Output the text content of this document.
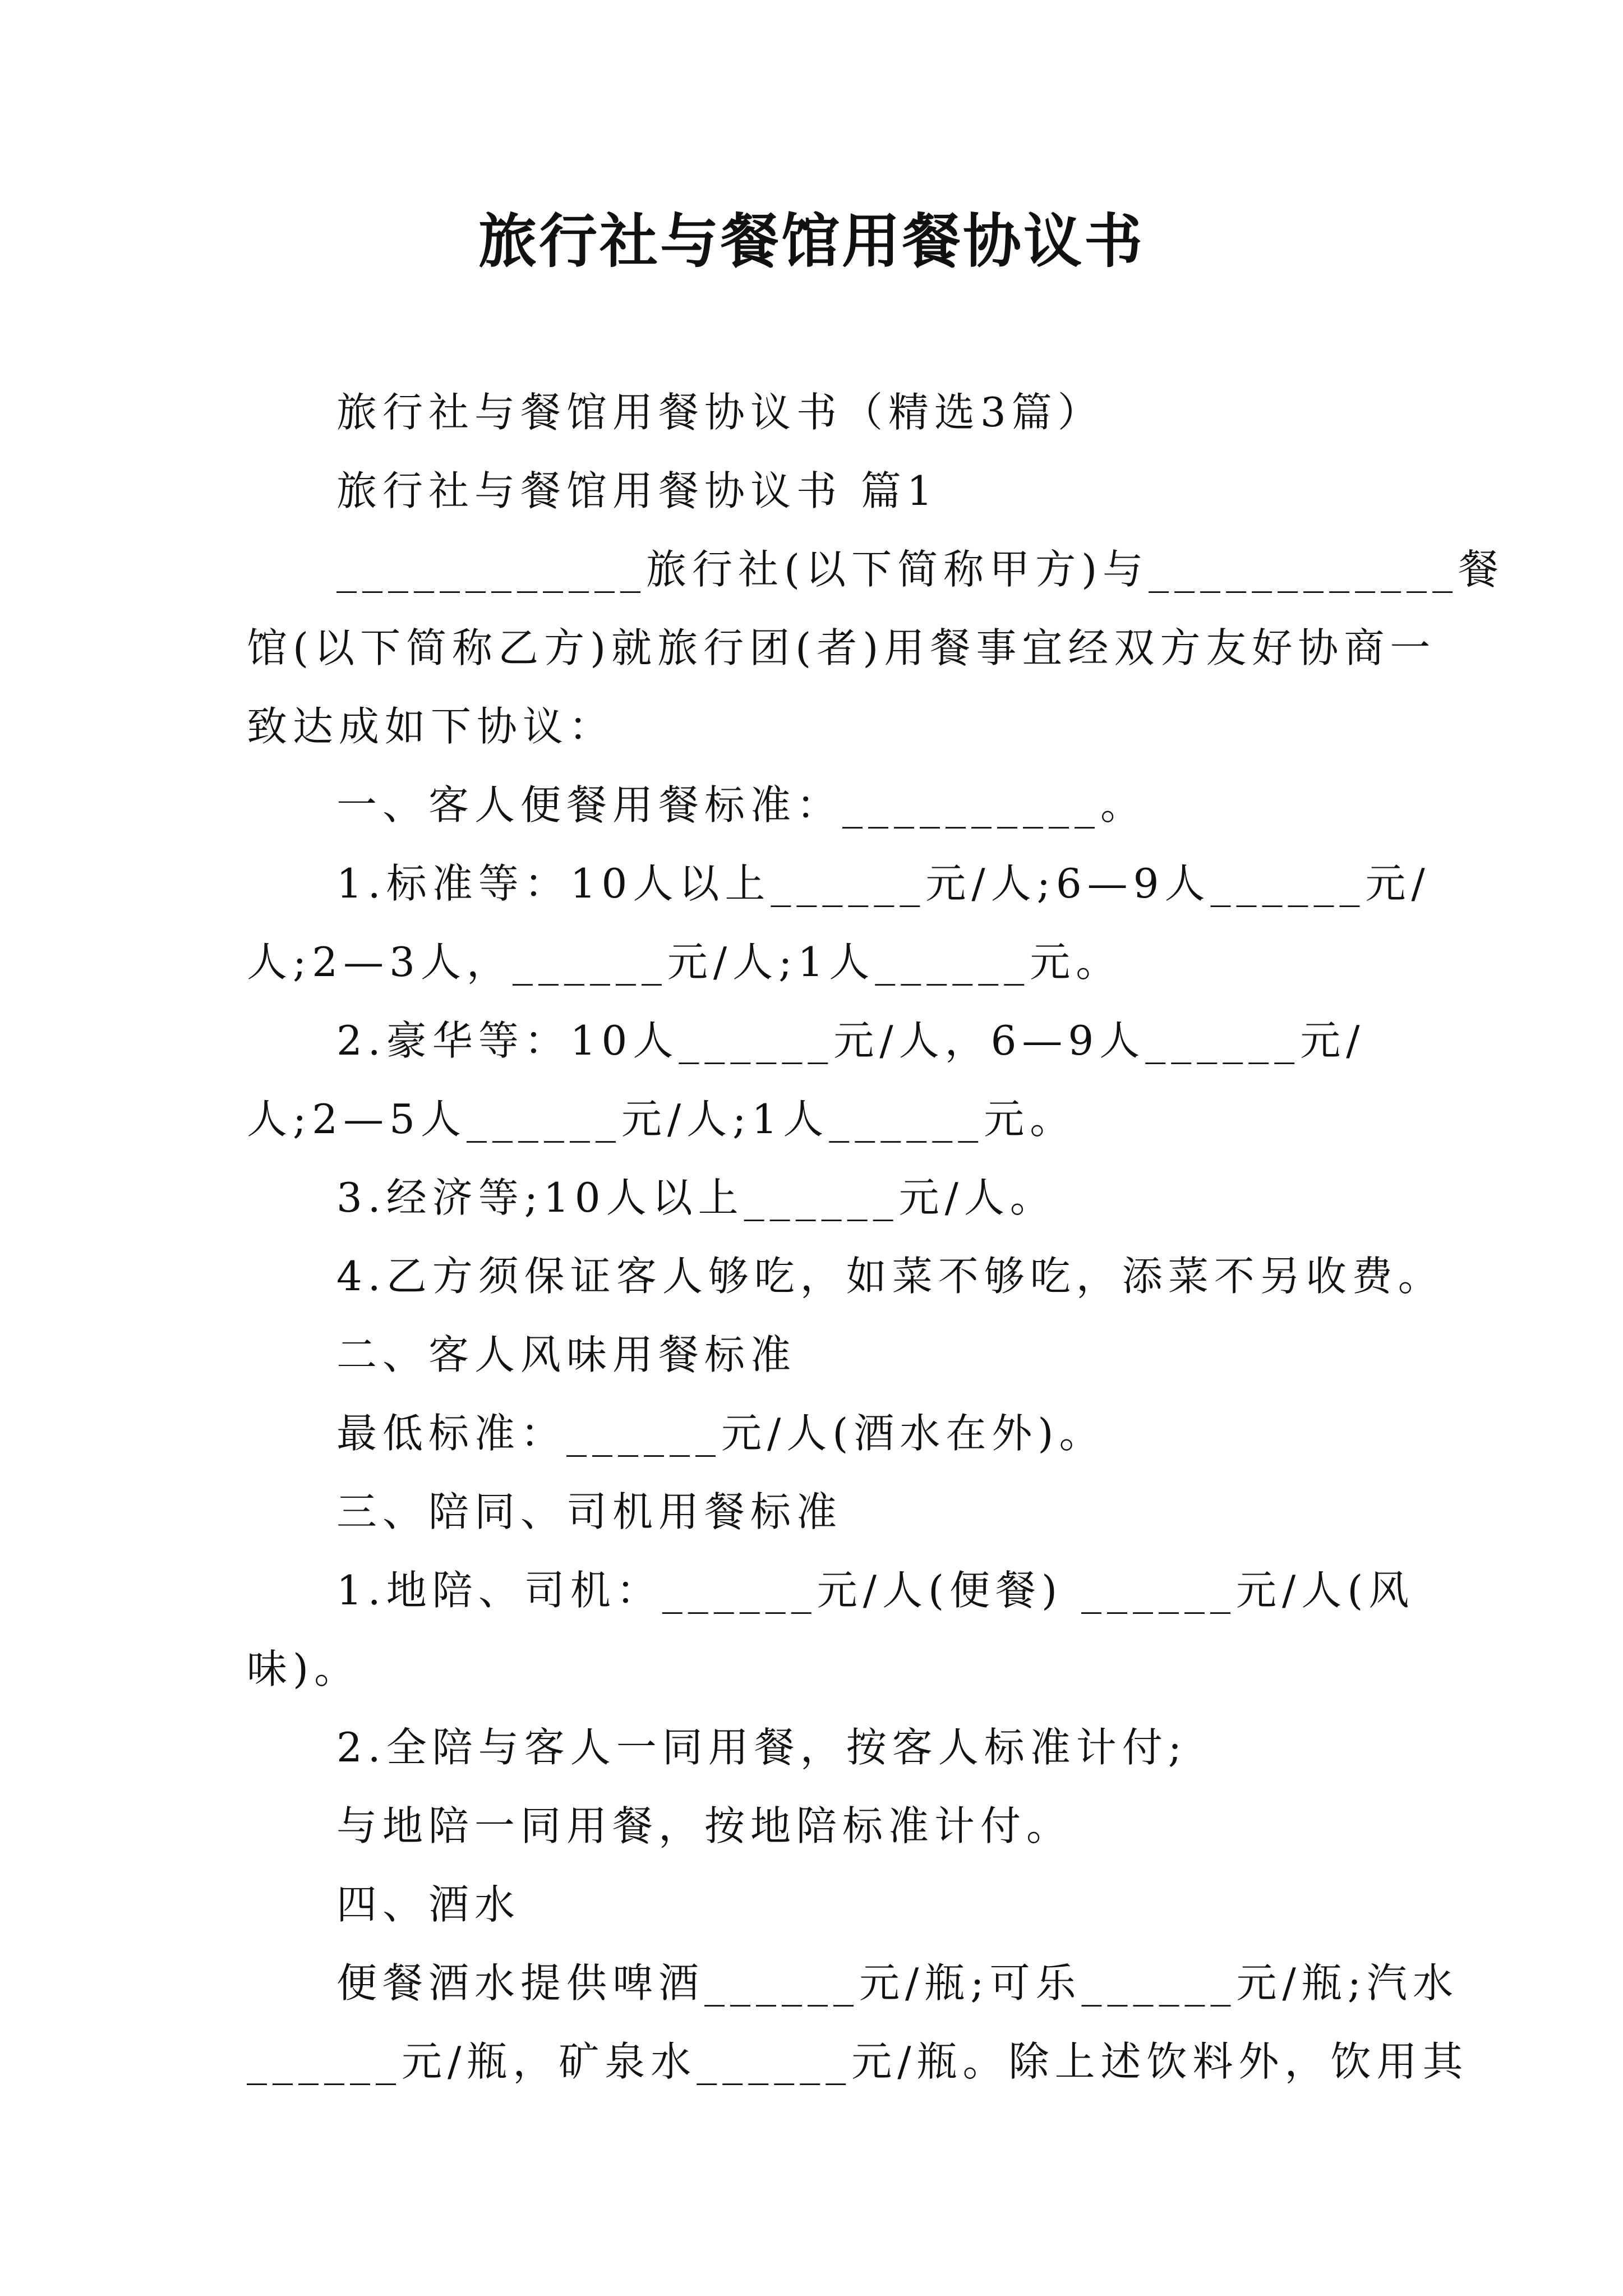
旅行社与餐馆用餐协议书

旅行社与餐馆用餐协议书（精选3篇）

旅行社与餐馆用餐协议书 篇1

____________旅行社(以下简称甲方)与____________餐

馆(以下简称乙方)就旅行团(者)用餐事宜经双方友好协商一

致达成如下协议：

一、客人便餐用餐标准：__________。

1.标准等：10人以上______元/人;6—9人______元/

人;2—3人，______元/人;1人______元。

2.豪华等：10人______元/人，6—9人______元/

人;2—5人______元/人;1人______元。

3.经济等;10人以上______元/人。

4.乙方须保证客人够吃，如菜不够吃，添菜不另收费。

二、客人风味用餐标准

最低标准：______元/人(酒水在外)。

三、陪同、司机用餐标准

1.地陪、司机：______元/人(便餐) ______元/人(风

味)。

2.全陪与客人一同用餐，按客人标准计付;

与地陪一同用餐，按地陪标准计付。

四、酒水

便餐酒水提供啤酒______元/瓶;可乐______元/瓶;汽水

______元/瓶，矿泉水______元/瓶。除上述饮料外，饮用其
